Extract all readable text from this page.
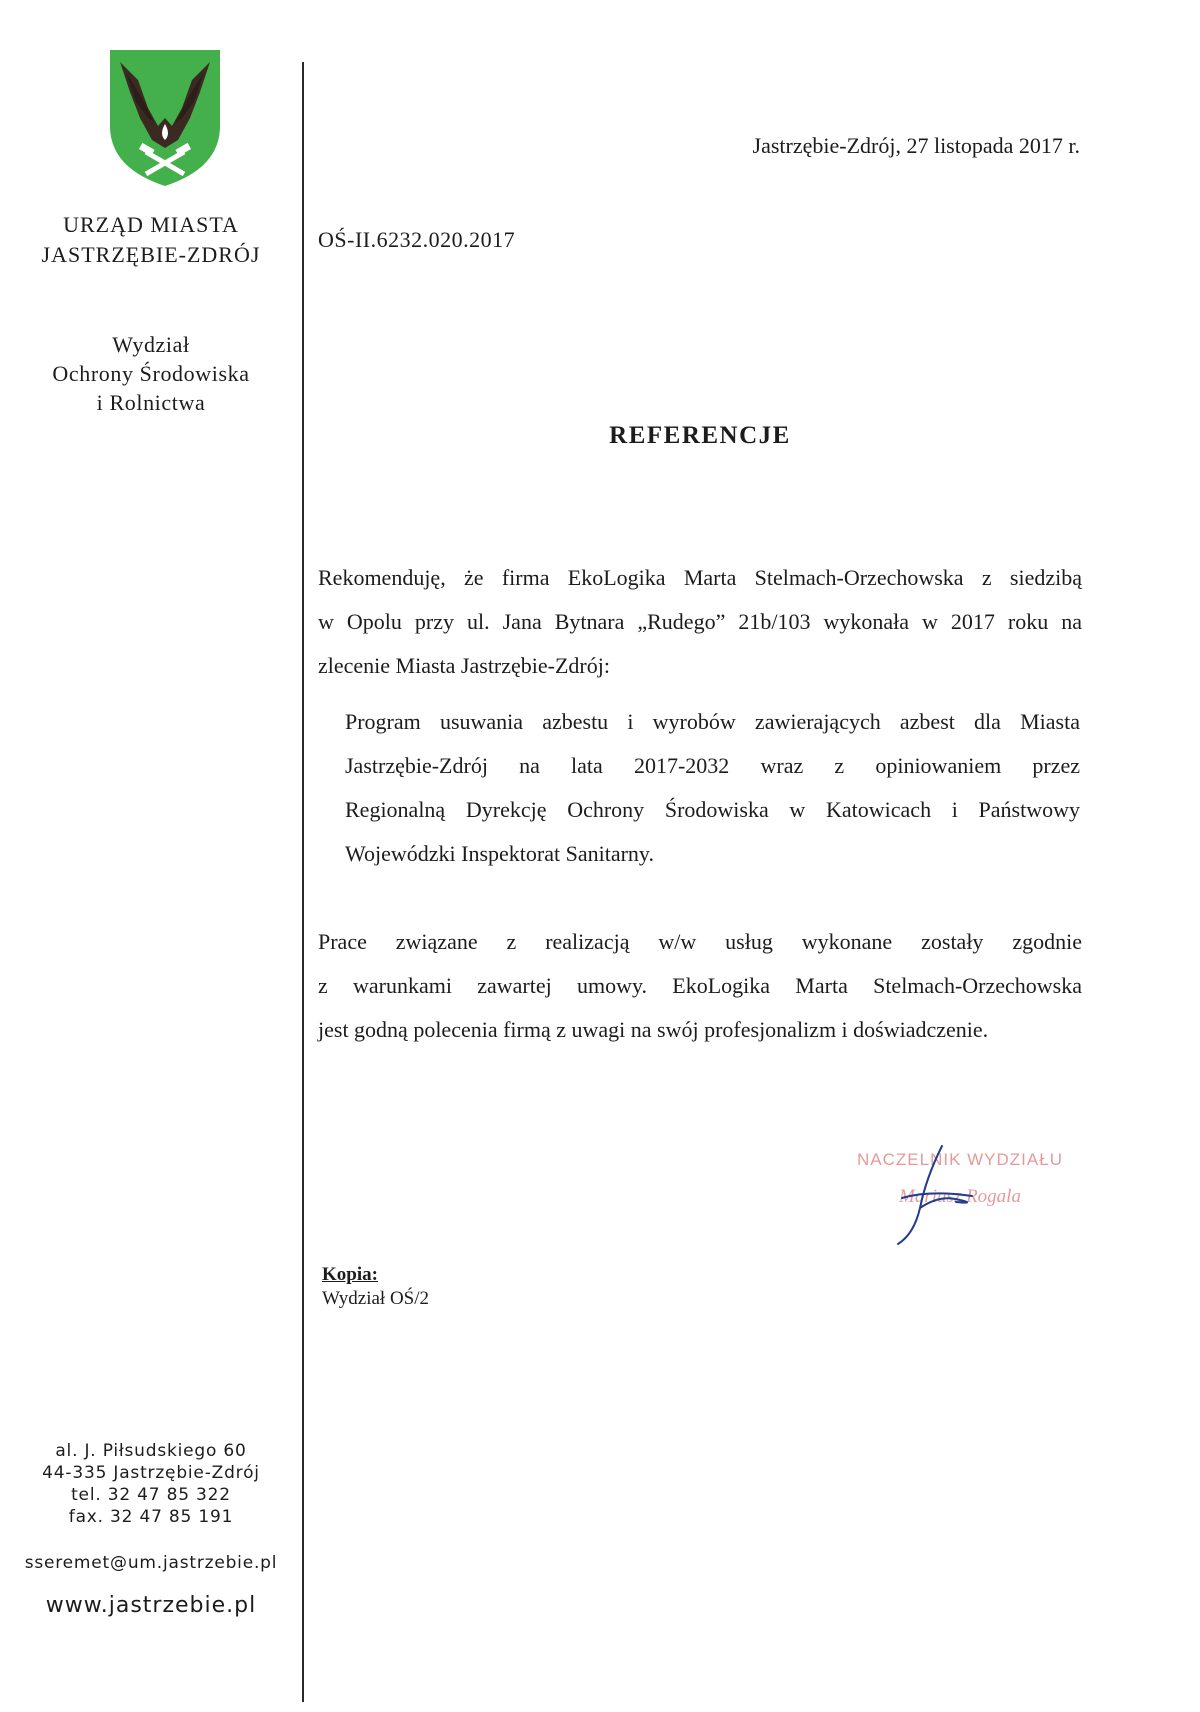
URZĄD MIASTA
JASTRZĘBIE-ZDRÓJ
Wydział
Ochrony Środowiska
i Rolnictwa
Jastrzębie-Zdrój, 27 listopada 2017 r.
OŚ-II.6232.020.2017
REFERENCJE
Rekomenduję, że firma EkoLogika Marta Stelmach-Orzechowska z siedzibą
w Opolu przy ul. Jana Bytnara „Rudego” 21b/103 wykonała w 2017 roku na
zlecenie Miasta Jastrzębie-Zdrój:
Program usuwania azbestu i wyrobów zawierających azbest dla Miasta
Jastrzębie-Zdrój na lata 2017-2032 wraz z opiniowaniem przez
Regionalną Dyrekcję Ochrony Środowiska w Katowicach i Państwowy
Wojewódzki Inspektorat Sanitarny.
Prace związane z realizacją w/w usług wykonane zostały zgodnie
z warunkami zawartej umowy. EkoLogika Marta Stelmach-Orzechowska
jest godną polecenia firmą z uwagi na swój profesjonalizm i doświadczenie.
NACZELNIK WYDZIAŁU
Mariusz Rogala
Kopia:
Wydział OŚ/2
al. J. Piłsudskiego 60
44-335 Jastrzębie-Zdrój
tel. 32 47 85 322
fax. 32 47 85 191
sseremet@um.jastrzebie.pl
www.jastrzebie.pl
